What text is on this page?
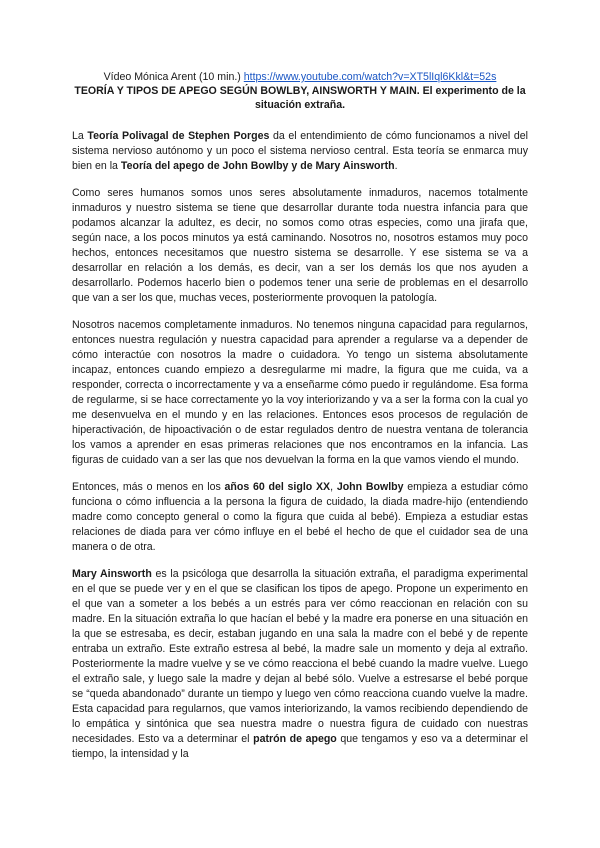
Vídeo Mónica Arent (10 min.) https://www.youtube.com/watch?v=XT5lIql6Kkl&t=52s

TEORÍA Y TIPOS DE APEGO SEGÚN BOWLBY, AINSWORTH Y MAIN. El experimento de la situación extraña.

La Teoría Polivagal de Stephen Porges da el entendimiento de cómo funcionamos a nivel del sistema nervioso autónomo y un poco el sistema nervioso central. Esta teoría se enmarca muy bien en la Teoría del apego de John Bowlby y de Mary Ainsworth.

Como seres humanos somos unos seres absolutamente inmaduros, nacemos totalmente inmaduros y nuestro sistema se tiene que desarrollar durante toda nuestra infancia para que podamos alcanzar la adultez, es decir, no somos como otras especies, como una jirafa que, según nace, a los pocos minutos ya está caminando. Nosotros no, nosotros estamos muy poco hechos, entonces necesitamos que nuestro sistema se desarrolle. Y ese sistema se va a desarrollar en relación a los demás, es decir, van a ser los demás los que nos ayuden a desarrollarlo. Podemos hacerlo bien o podemos tener una serie de problemas en el desarrollo que van a ser los que, muchas veces, posteriormente provoquen la patología.

Nosotros nacemos completamente inmaduros. No tenemos ninguna capacidad para regularnos, entonces nuestra regulación y nuestra capacidad para aprender a regularse va a depender de cómo interactúe con nosotros la madre o cuidadora. Yo tengo un sistema absolutamente incapaz, entonces cuando empiezo a desregularme mi madre, la figura que me cuida, va a responder, correcta o incorrectamente y va a enseñarme cómo puedo ir regulándome. Esa forma de regularme, si se hace correctamente yo la voy interiorizando y va a ser la forma con la cual yo me desenvuelva en el mundo y en las relaciones. Entonces esos procesos de regulación de hiperactivación, de hipoactivación o de estar regulados dentro de nuestra ventana de tolerancia los vamos a aprender en esas primeras relaciones que nos encontramos en la infancia. Las figuras de cuidado van a ser las que nos devuelvan la forma en la que vamos viendo el mundo.

Entonces, más o menos en los años 60 del siglo XX, John Bowlby empieza a estudiar cómo funciona o cómo influencia a la persona la figura de cuidado, la diada madre-hijo (entendiendo madre como concepto general o como la figura que cuida al bebé). Empieza a estudiar estas relaciones de diada para ver cómo influye en el bebé el hecho de que el cuidador sea de una manera o de otra.

Mary Ainsworth es la psicóloga que desarrolla la situación extraña, el paradigma experimental en el que se puede ver y en el que se clasifican los tipos de apego. Propone un experimento en el que van a someter a los bebés a un estrés para ver cómo reaccionan en relación con su madre. En la situación extraña lo que hacían el bebé y la madre era ponerse en una situación en la que se estresaba, es decir, estaban jugando en una sala la madre con el bebé y de repente entraba un extraño. Este extraño estresa al bebé, la madre sale un momento y deja al extraño. Posteriormente la madre vuelve y se ve cómo reacciona el bebé cuando la madre vuelve. Luego el extraño sale, y luego sale la madre y dejan al bebé sólo. Vuelve a estresarse el bebé porque se “queda abandonado” durante un tiempo y luego ven cómo reacciona cuando vuelve la madre. Esta capacidad para regularnos, que vamos interiorizando, la vamos recibiendo dependiendo de lo empática y sintónica que sea nuestra madre o nuestra figura de cuidado con nuestras necesidades. Esto va a determinar el patrón de apego que tengamos y eso va a determinar el tiempo, la intensidad y la
